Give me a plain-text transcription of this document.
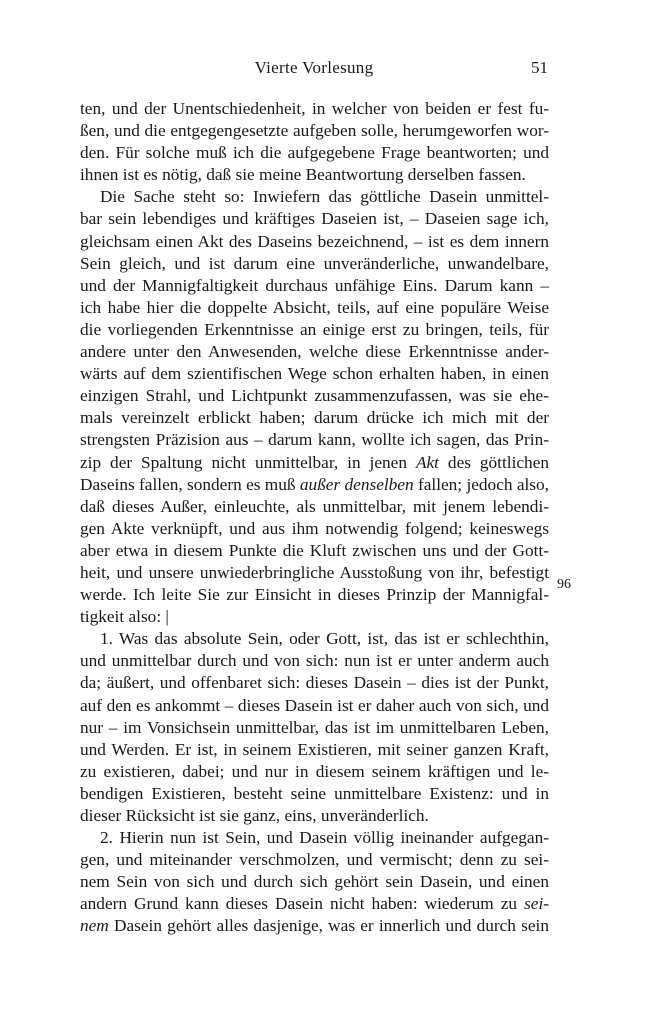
Vierte Vorlesung	51
ten, und der Unentschiedenheit, in welcher von beiden er fest fu-
ßen, und die entgegengesetzte aufgeben solle, herumgeworfen wor-
den. Für solche muß ich die aufgegebene Frage beantworten; und
ihnen ist es nötig, daß sie meine Beantwortung derselben fassen.
Die Sache steht so: Inwiefern das göttliche Dasein unmittel-
bar sein lebendiges und kräftiges Daseien ist, – Daseien sage ich,
gleichsam einen Akt des Daseins bezeichnend, – ist es dem innern
Sein gleich, und ist darum eine unveränderliche, unwandelbare,
und der Mannigfaltigkeit durchaus unfähige Eins. Darum kann –
ich habe hier die doppelte Absicht, teils, auf eine populäre Weise
die vorliegenden Erkenntnisse an einige erst zu bringen, teils, für
andere unter den Anwesenden, welche diese Erkenntnisse ander-
wärts auf dem szientifischen Wege schon erhalten haben, in einen
einzigen Strahl, und Lichtpunkt zusammenzufassen, was sie ehe-
mals vereinzelt erblickt haben; darum drücke ich mich mit der
strengsten Präzision aus – darum kann, wollte ich sagen, das Prin-
zip der Spaltung nicht unmittelbar, in jenen Akt des göttlichen
Daseins fallen, sondern es muß außer denselben fallen; jedoch also,
daß dieses Außer, einleuchte, als unmittelbar, mit jenem lebendi-
gen Akte verknüpft, und aus ihm notwendig folgend; keineswegs
aber etwa in diesem Punkte die Kluft zwischen uns und der Gott-
heit, und unsere unwiederbringliche Ausstoßung von ihr, befestigt
werde. Ich leite Sie zur Einsicht in dieses Prinzip der Mannigfal-
tigkeit also: |
1. Was das absolute Sein, oder Gott, ist, das ist er schlechthin,
und unmittelbar durch und von sich: nun ist er unter anderm auch
da; äußert, und offenbaret sich: dieses Dasein – dies ist der Punkt,
auf den es ankommt – dieses Dasein ist er daher auch von sich, und
nur – im Vonsichsein unmittelbar, das ist im unmittelbaren Leben,
und Werden. Er ist, in seinem Existieren, mit seiner ganzen Kraft,
zu existieren, dabei; und nur in diesem seinem kräftigen und le-
bendigen Existieren, besteht seine unmittelbare Existenz: und in
dieser Rücksicht ist sie ganz, eins, unveränderlich.
2. Hierin nun ist Sein, und Dasein völlig ineinander aufgegan-
gen, und miteinander verschmolzen, und vermischt; denn zu sei-
nem Sein von sich und durch sich gehört sein Dasein, und einen
andern Grund kann dieses Dasein nicht haben: wiederum zu sei-
nem Dasein gehört alles dasjenige, was er innerlich und durch sein
96
